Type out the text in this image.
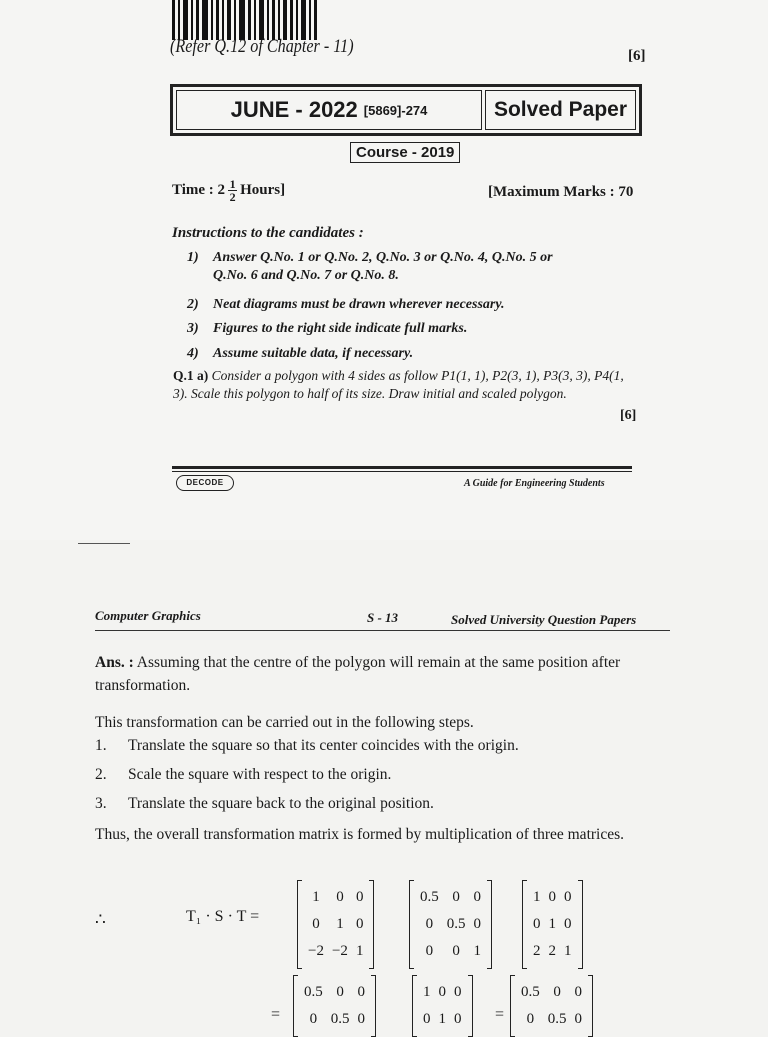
(Refer Q.12 of Chapter - 11)	[6]
JUNE - 2022 [5869]-274	Solved Paper
Course - 2019
Time : $2 \frac{1}{2}$ Hours]	[Maximum Marks : 70
Instructions to the candidates :
1) Answer Q.No. 1 or Q.No. 2, Q.No. 3 or Q.No. 4, Q.No. 5 or
Q.No. 6 and Q.No. 7 or Q.No. 8.
2) Neat diagrams must be drawn wherever necessary.
3) Figures to the right side indicate full marks.
4) Assume suitable data, if necessary.
Q.1 a) Consider a polygon with 4 sides as follow P1(1, 1), P2(3, 1), P3(3, 3), P4(1, 3). Scale this polygon to half of its size. Draw initial and scaled polygon.
[6]
DECODE	A Guide for Engineering Students
Computer Graphics	S - 13	Solved University Question Papers
Ans. : Assuming that the centre of the polygon will remain at the same position after transformation.
This transformation can be carried out in the following steps.
1. Translate the square so that its center coincides with the origin.
2. Scale the square with respect to the origin.
3. Translate the square back to the original position.
Thus, the overall transformation matrix is formed by multiplication of three matrices.
∴	T₁ · S · T =
1	0	0
0	1	0
−2	−2	1
0.5	0	0
0	0.5	0
0	0	1
1	0	0
0	1	0
2	2	1
=
0.5	0	0
0	0.5	0
1	0	0
0	1	0 =
0.5	0	0
0	0.5	0
